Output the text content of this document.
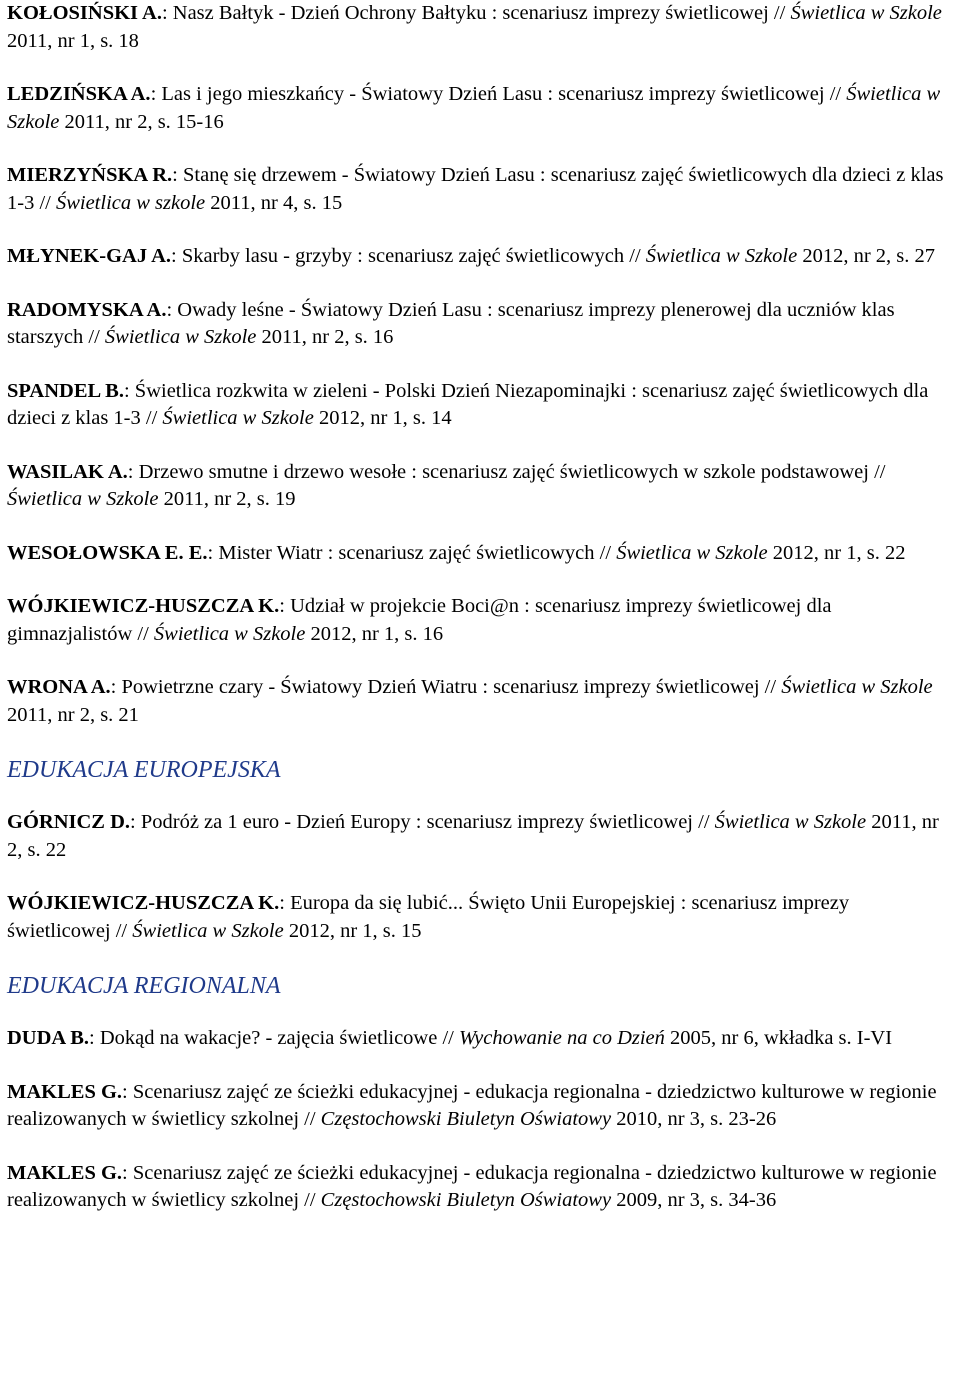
KOŁOSIŃSKI A.: Nasz Bałtyk - Dzień Ochrony Bałtyku : scenariusz imprezy świetlicowej // Świetlica w Szkole 2011, nr 1, s. 18

LEDZIŃSKA A.: Las i jego mieszkańcy - Światowy Dzień Lasu : scenariusz imprezy świetlicowej // Świetlica w Szkole 2011, nr 2, s. 15-16

MIERZYŃSKA R.: Stanę się drzewem - Światowy Dzień Lasu : scenariusz zajęć świetlicowych dla dzieci z klas 1-3 // Świetlica w szkole 2011, nr 4, s. 15

MŁYNEK-GAJ A.: Skarby lasu - grzyby : scenariusz zajęć świetlicowych // Świetlica w Szkole 2012, nr 2, s. 27

RADOMYSKA A.: Owady leśne - Światowy Dzień Lasu : scenariusz imprezy plenerowej dla uczniów klas starszych // Świetlica w Szkole 2011, nr 2, s. 16

SPANDEL B.: Świetlica rozkwita w zieleni - Polski Dzień Niezapominajki : scenariusz zajęć świetlicowych dla dzieci z klas 1-3 // Świetlica w Szkole 2012, nr 1, s. 14

WASILAK A.: Drzewo smutne i drzewo wesołe : scenariusz zajęć świetlicowych w szkole podstawowej // Świetlica w Szkole 2011, nr 2, s. 19

WESOŁOWSKA E. E.: Mister Wiatr : scenariusz zajęć świetlicowych // Świetlica w Szkole 2012, nr 1, s. 22

WÓJKIEWICZ-HUSZCZA K.: Udział w projekcie Boci@n : scenariusz imprezy świetlicowej dla gimnazjalistów // Świetlica w Szkole 2012, nr 1, s. 16

WRONA A.: Powietrzne czary - Światowy Dzień Wiatru : scenariusz imprezy świetlicowej // Świetlica w Szkole 2011, nr 2, s. 21

EDUKACJA EUROPEJSKA

GÓRNICZ D.: Podróż za 1 euro - Dzień Europy : scenariusz imprezy świetlicowej // Świetlica w Szkole 2011, nr 2, s. 22

WÓJKIEWICZ-HUSZCZA K.: Europa da się lubić... Święto Unii Europejskiej : scenariusz imprezy świetlicowej // Świetlica w Szkole 2012, nr 1, s. 15

EDUKACJA REGIONALNA

DUDA B.: Dokąd na wakacje? - zajęcia świetlicowe // Wychowanie na co Dzień 2005, nr 6, wkładka s. I-VI

MAKLES G.: Scenariusz zajęć ze ścieżki edukacyjnej - edukacja regionalna - dziedzictwo kulturowe w regionie realizowanych w świetlicy szkolnej // Częstochowski Biuletyn Oświatowy 2010, nr 3, s. 23-26

MAKLES G.: Scenariusz zajęć ze ścieżki edukacyjnej - edukacja regionalna - dziedzictwo kulturowe w regionie realizowanych w świetlicy szkolnej // Częstochowski Biuletyn Oświatowy 2009, nr 3, s. 34-36
